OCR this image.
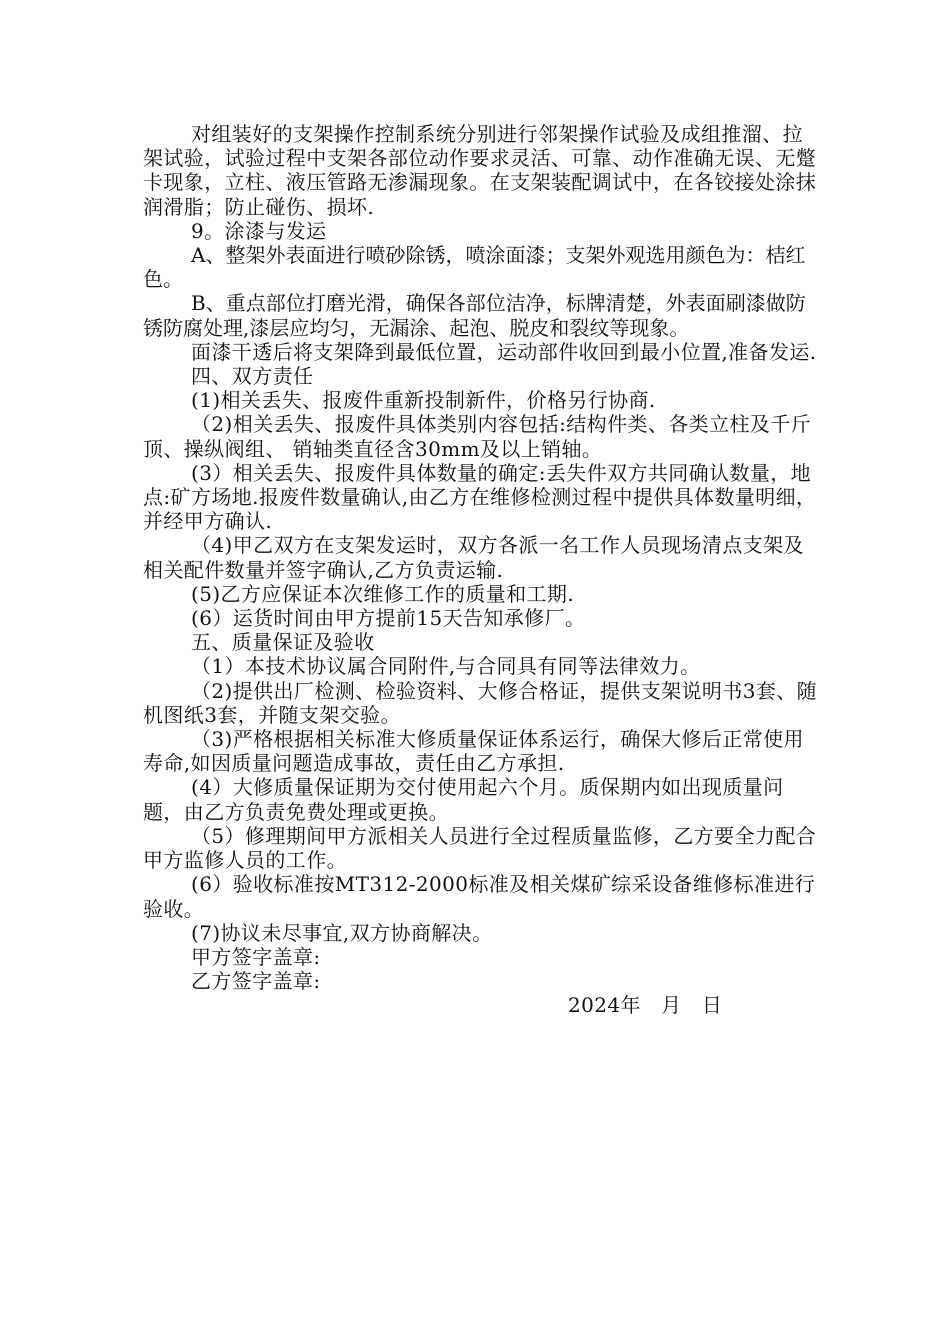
对组装好的支架操作控制系统分别进行邻架操作试验及成组推溜、拉架试验，试验过程中支架各部位动作要求灵活、可靠、动作准确无误、无蹩卡现象，立柱、液压管路无渗漏现象。在支架装配调试中，在各铰接处涂抹润滑脂；防止碰伤、损坏.

9。涂漆与发运

A、整架外表面进行喷砂除锈，喷涂面漆；支架外观选用颜色为：桔红色。

B、重点部位打磨光滑，确保各部位洁净，标牌清楚，外表面刷漆做防锈防腐处理,漆层应均匀，无漏涂、起泡、脱皮和裂纹等现象。

面漆干透后将支架降到最低位置，运动部件收回到最小位置,准备发运.

四、双方责任

(1)相关丢失、报废件重新投制新件，价格另行协商.

（2)相关丢失、报废件具体类别内容包括:结构件类、各类立柱及千斤顶、操纵阀组、 销轴类直径含30mm及以上销轴。

(3）相关丢失、报废件具体数量的确定:丢失件双方共同确认数量，地点:矿方场地.报废件数量确认,由乙方在维修检测过程中提供具体数量明细，并经甲方确认.

（4)甲乙双方在支架发运时，双方各派一名工作人员现场清点支架及相关配件数量并签字确认,乙方负责运输.

(5)乙方应保证本次维修工作的质量和工期.

(6）运货时间由甲方提前15天告知承修厂。

五、质量保证及验收

（1）本技术协议属合同附件,与合同具有同等法律效力。

（2)提供出厂检测、检验资料、大修合格证，提供支架说明书3套、随机图纸3套，并随支架交验。

（3)严格根据相关标准大修质量保证体系运行，确保大修后正常使用寿命,如因质量问题造成事故，责任由乙方承担.

(4）大修质量保证期为交付使用起六个月。质保期内如出现质量问题，由乙方负责免费处理或更换。

（5）修理期间甲方派相关人员进行全过程质量监修，乙方要全力配合甲方监修人员的工作。

(6）验收标准按MT312-2000标准及相关煤矿综采设备维修标准进行验收。

(7)协议未尽事宜,双方协商解决。

甲方签字盖章:

乙方签字盖章:

2024年   月   日
